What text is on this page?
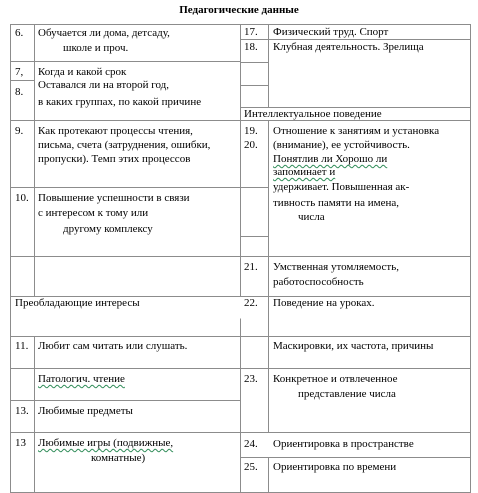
Педагогические данные
6. Обучается ли дома, детсаду,
школе и проч.
7, Когда и какой срок
8.
Оставался ли на второй год,
в каких группах, по какой причине
9. Как протекают процессы чтения,
письма, счета (затруднения, ошибки,
пропуски). Темп этих процессов
10. Повышение успешности в связи
с интересом к тому или
другому комплексу
Преобладающие интересы
11. Любит сам читать или слушать.
Патологич. чтение
13. Любимые предметы
13 Любимые игры (подвижные,
комнатные)
17. Физический труд. Спорт
18. Клубная деятельность. Зрелища
Интеллектуальное поведение
19.
20.
Отношение к занятиям и установка
(внимание), ее устойчивость.
Понятлив ли Хорошо ли
запоминает и
удерживает. Повышенная ак-
тивность памяти на имена,
числа
21. Умственная утомляемость,
работоспособность
22. Поведение на уроках.
Маскировки, их частота, причины
23. Конкретное и отвлеченное
представление числа
24. Ориентировка в пространстве
25. Ориентировка по времени
